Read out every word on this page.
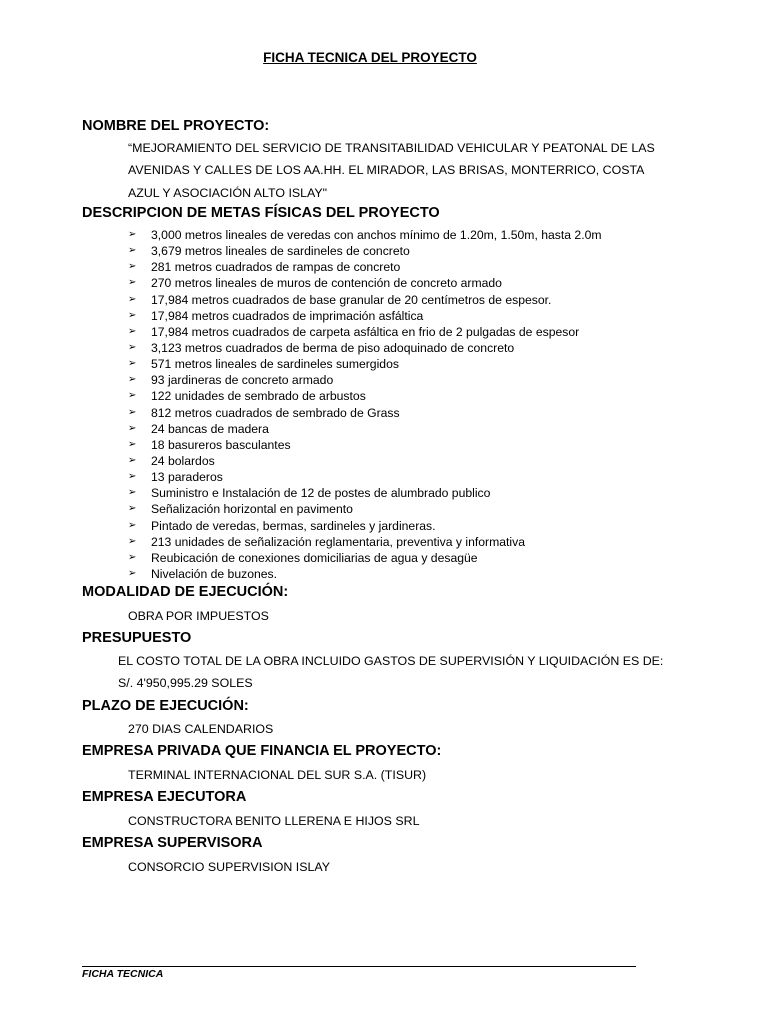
FICHA TECNICA DEL PROYECTO
NOMBRE DEL PROYECTO:
“MEJORAMIENTO DEL SERVICIO DE TRANSITABILIDAD VEHICULAR Y PEATONAL DE LAS AVENIDAS Y CALLES DE LOS AA.HH. EL MIRADOR, LAS BRISAS, MONTERRICO, COSTA AZUL Y ASOCIACIÓN ALTO ISLAY"
DESCRIPCION DE METAS FÍSICAS DEL PROYECTO
➢ 3,000 metros lineales de veredas con anchos mínimo de 1.20m, 1.50m, hasta 2.0m
➢ 3,679 metros lineales de sardineles de concreto
➢ 281 metros cuadrados de rampas de concreto
➢ 270 metros lineales de muros de contención de concreto armado
➢ 17,984 metros cuadrados de base granular de 20 centímetros de espesor.
➢ 17,984 metros cuadrados de imprimación asfáltica
➢ 17,984 metros cuadrados de carpeta asfáltica en frio de 2 pulgadas de espesor
➢ 3,123 metros cuadrados de berma de piso adoquinado de concreto
➢ 571 metros lineales de sardineles sumergidos
➢ 93 jardineras de concreto armado
➢ 122 unidades de sembrado de arbustos
➢ 812 metros cuadrados de sembrado de Grass
➢ 24 bancas de madera
➢ 18 basureros basculantes
➢ 24 bolardos
➢ 13 paraderos
➢ Suministro e Instalación de 12 de postes de alumbrado publico
➢ Señalización horizontal en pavimento
➢ Pintado de veredas, bermas, sardineles y jardineras.
➢ 213 unidades de señalización reglamentaria, preventiva y informativa
➢ Reubicación de conexiones domiciliarias de agua y desagüe
➢ Nivelación de buzones.
MODALIDAD DE EJECUCIÓN:
OBRA POR IMPUESTOS
PRESUPUESTO
EL COSTO TOTAL DE LA OBRA INCLUIDO GASTOS DE SUPERVISIÓN Y LIQUIDACIÓN ES DE: S/. 4'950,995.29 SOLES
PLAZO DE EJECUCIÓN:
270 DIAS CALENDARIOS
EMPRESA PRIVADA QUE FINANCIA EL PROYECTO:
TERMINAL INTERNACIONAL DEL SUR S.A. (TISUR)
EMPRESA EJECUTORA
CONSTRUCTORA BENITO LLERENA E HIJOS SRL
EMPRESA SUPERVISORA
CONSORCIO SUPERVISION ISLAY
FICHA TECNICA
